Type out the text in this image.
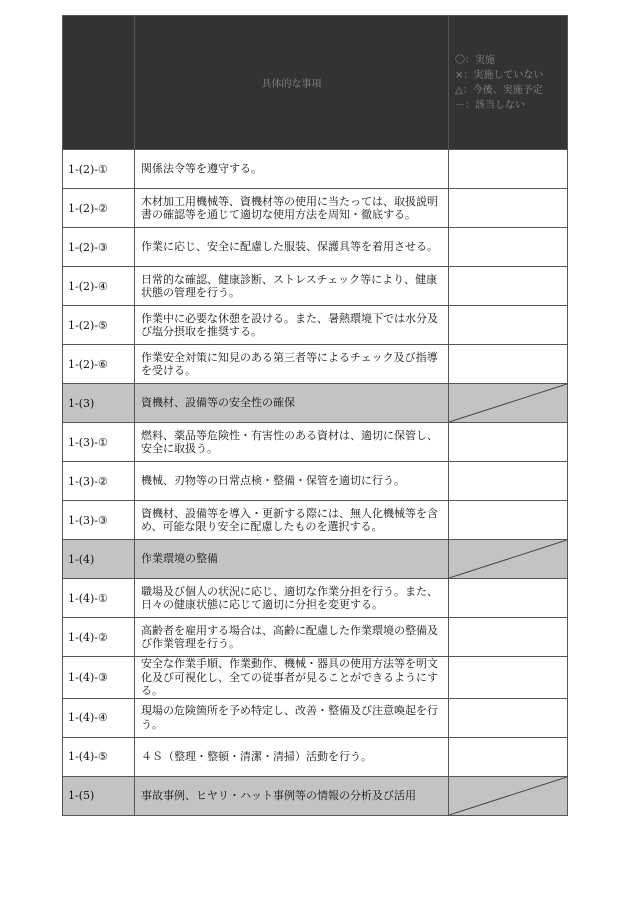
	具体的な事項	〇：実施
×：実施していない
△：今後、実施予定
－：該当しない

1-(2)-①	関係法令等を遵守する。	
1-(2)-②	木材加工用機械等、資機材等の使用に当たっては、取扱説明書の確認等を通じて適切な使用方法を周知・徹底する。	
1-(2)-③	作業に応じ、安全に配慮した服装、保護具等を着用させる。	
1-(2)-④	日常的な確認、健康診断、ストレスチェック等により、健康状態の管理を行う。	
1-(2)-⑤	作業中に必要な休憩を設ける。また、暑熱環境下では水分及び塩分摂取を推奨する。	
1-(2)-⑥	作業安全対策に知見のある第三者等によるチェック及び指導を受ける。	
1-(3)	資機材、設備等の安全性の確保	

1-(3)-①	燃料、薬品等危険性・有害性のある資材は、適切に保管し、安全に取扱う。	
1-(3)-②	機械、刃物等の日常点検・整備・保管を適切に行う。	
1-(3)-③	資機材、設備等を導入・更新する際には、無人化機械等を含め、可能な限り安全に配慮したものを選択する。	
1-(4)	作業環境の整備	

1-(4)-①	職場及び個人の状況に応じ、適切な作業分担を行う。また、日々の健康状態に応じて適切に分担を変更する。	
1-(4)-②	高齢者を雇用する場合は、高齢に配慮した作業環境の整備及び作業管理を行う。	
1-(4)-③	安全な作業手順、作業動作、機械・器具の使用方法等を明文化及び可視化し、全ての従事者が見ることができるようにする。	
1-(4)-④	現場の危険箇所を予め特定し、改善・整備及び注意喚起を行う。	
1-(4)-⑤	４Ｓ（整理・整頓・清潔・清掃）活動を行う。	
1-(5)	事故事例、ヒヤリ・ハット事例等の情報の分析及び活用	
